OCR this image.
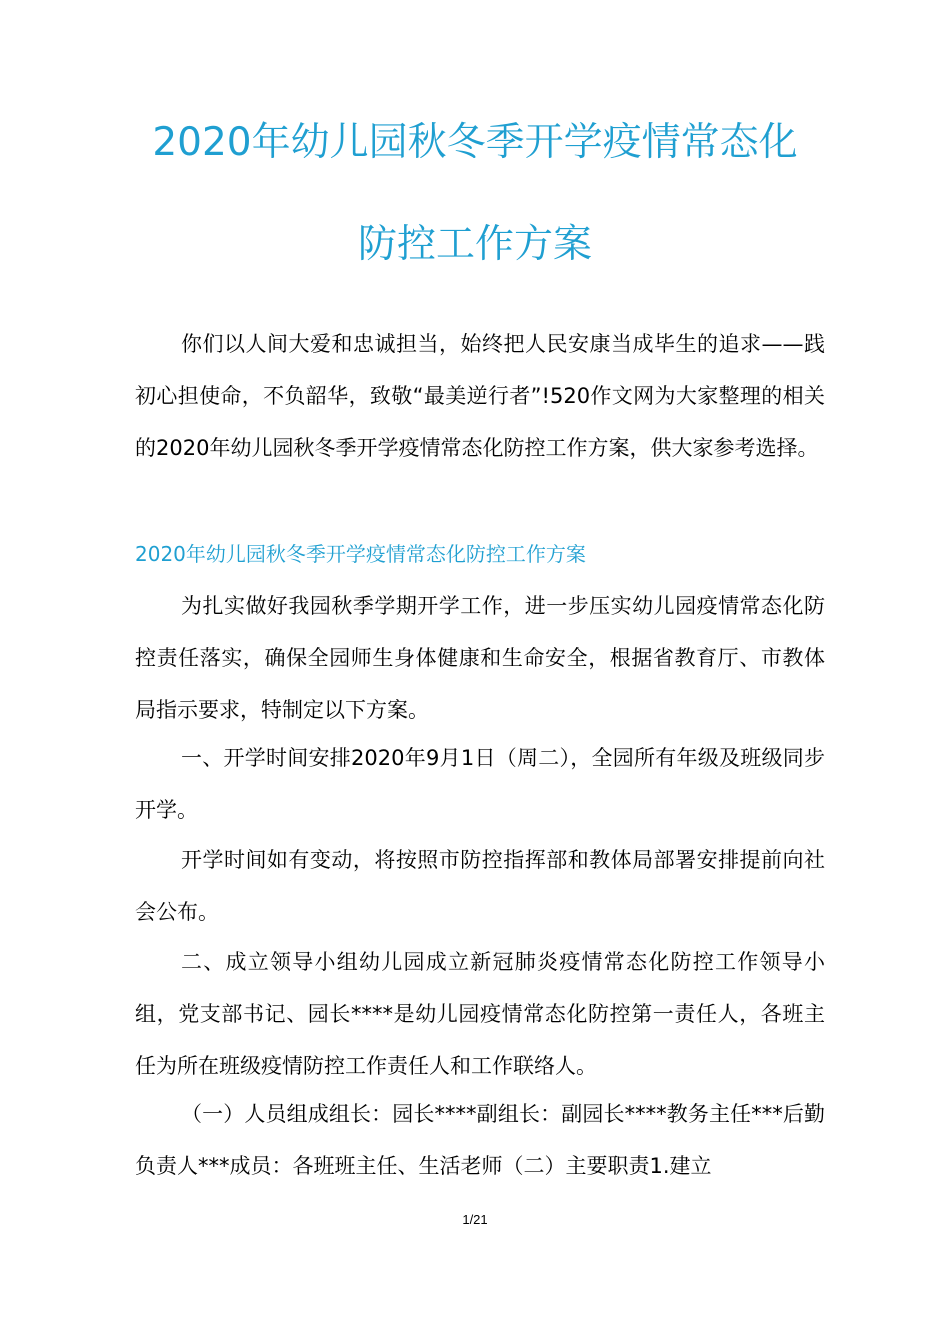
2020年幼儿园秋冬季开学疫情常态化
防控工作方案

你们以人间大爱和忠诚担当，始终把人民安康当成毕生的追求——践初心担使命，不负韶华，致敬“最美逆行者”!520作文网为大家整理的相关的2020年幼儿园秋冬季开学疫情常态化防控工作方案，供大家参考选择。

2020年幼儿园秋冬季开学疫情常态化防控工作方案

为扎实做好我园秋季学期开学工作，进一步压实幼儿园疫情常态化防控责任落实，确保全园师生身体健康和生命安全，根据省教育厅、市教体局指示要求，特制定以下方案。

一、开学时间安排2020年9月1日（周二），全园所有年级及班级同步开学。

开学时间如有变动，将按照市防控指挥部和教体局部署安排提前向社会公布。

二、成立领导小组幼儿园成立新冠肺炎疫情常态化防控工作领导小组，党支部书记、园长****是幼儿园疫情常态化防控第一责任人，各班主任为所在班级疫情防控工作责任人和工作联络人。

（一）人员组成组长：园长****副组长：副园长****教务主任***后勤负责人***成员：各班班主任、生活老师（二）主要职责1.建立

1/21
